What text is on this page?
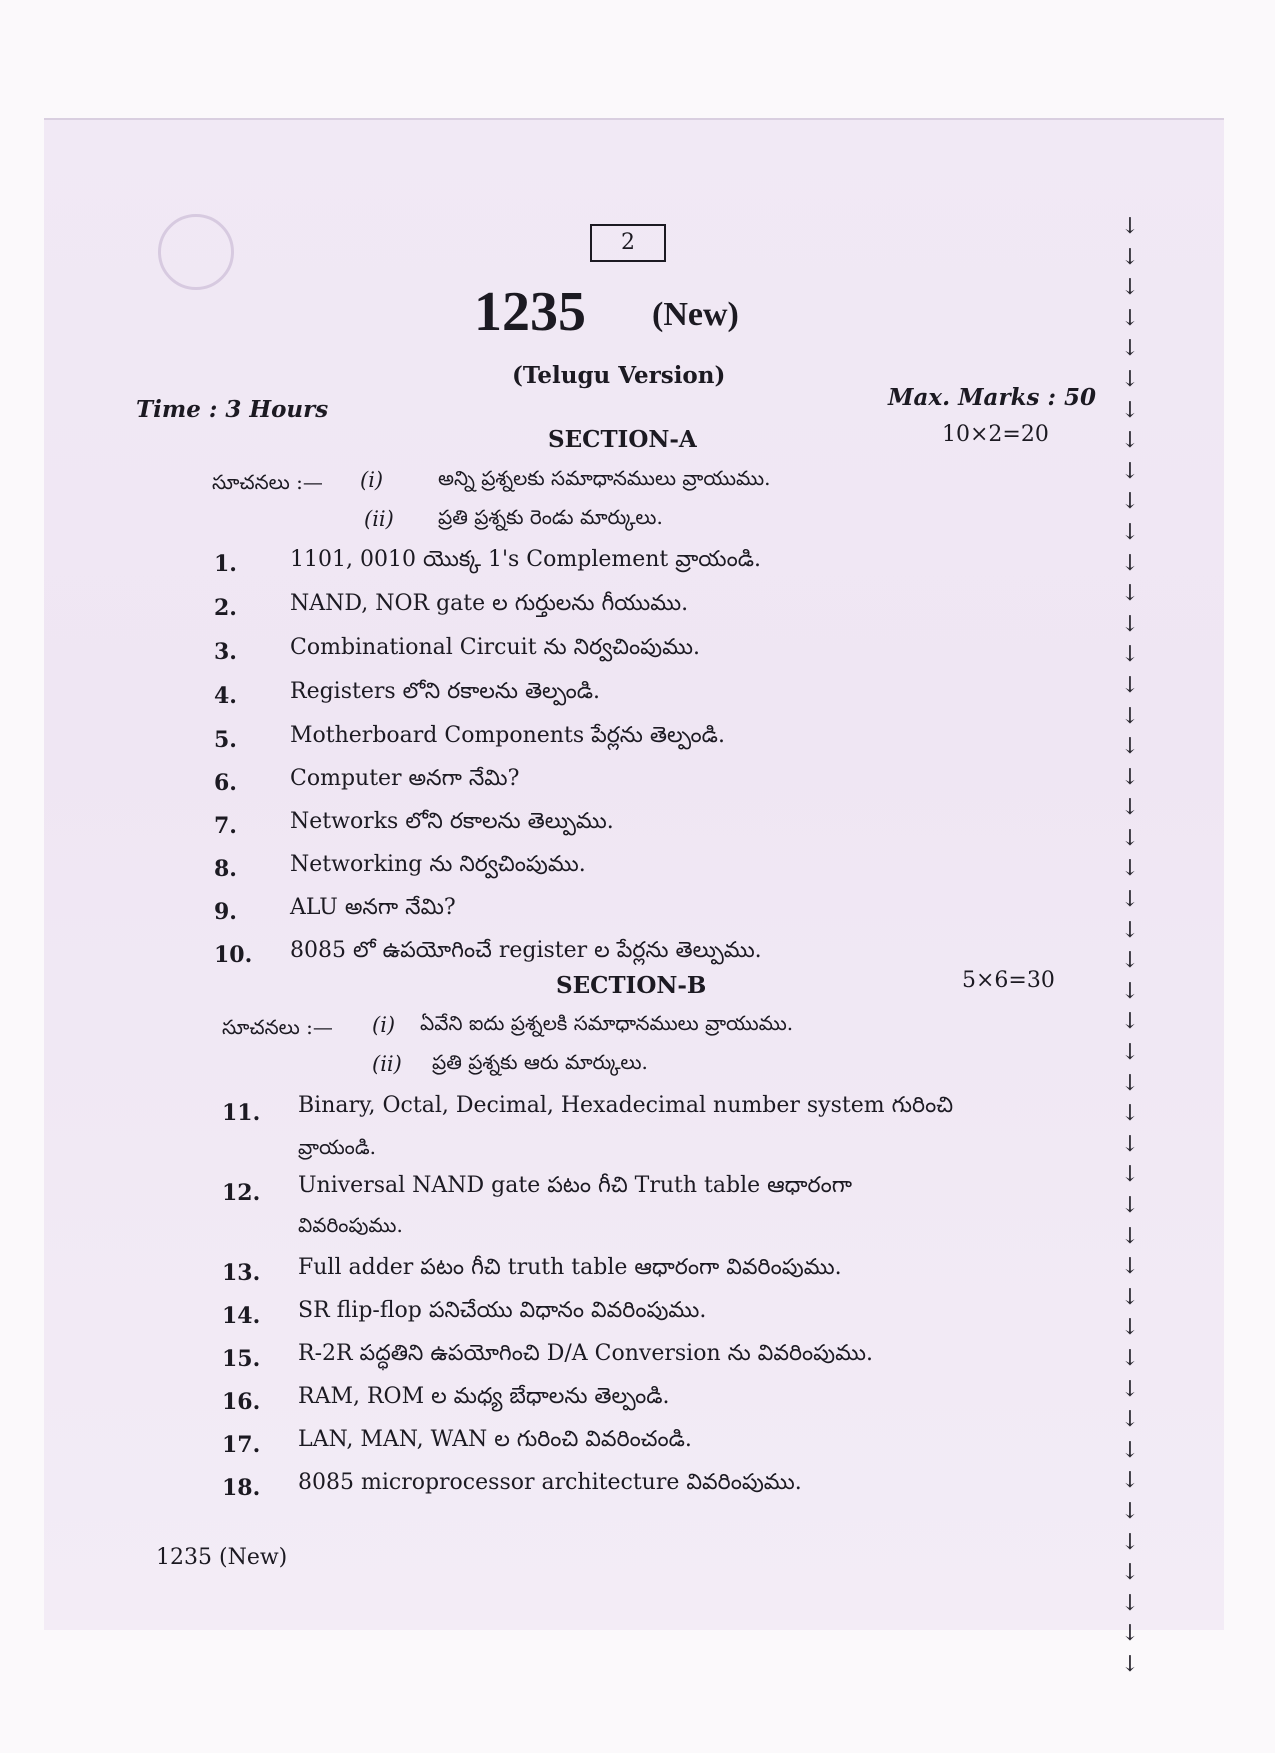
2
1235 (New)
(Telugu Version)
Time : 3 Hours	Max. Marks : 50
SECTION-A	10×2=20
సూచనలు :— (i)	అన్ని ప్రశ్నలకు సమాధానములు వ్రాయుము.
(ii) ప్రతి ప్రశ్నకు రెండు మార్కులు.
1. 1101, 0010 యొక్క 1's Complement వ్రాయండి.
2. NAND, NOR gate ల గుర్తులను గీయుము.
3. Combinational Circuit ను నిర్వచింపుము.
4. Registers లోని రకాలను తెల్పండి.
5. Motherboard Components పేర్లను తెల్పండి.
6. Computer అనగా నేమి?
7. Networks లోని రకాలను తెల్పుము.
8. Networking ను నిర్వచింపుము.
9. ALU అనగా నేమి?
10. 8085 లో ఉపయోగించే register ల పేర్లను తెల్పుము.
SECTION-B	5×6=30
సూచనలు :— (i) ఏవేని ఐదు ప్రశ్నలకి సమాధానములు వ్రాయుము.
(ii) ప్రతి ప్రశ్నకు ఆరు మార్కులు.
11. Binary, Octal, Decimal, Hexadecimal number system గురించి
వ్రాయండి.
12. Universal NAND gate పటం గీచి Truth table ఆధారంగా
వివరింపుము.
13. Full adder పటం గీచి truth table ఆధారంగా వివరింపుము.
14. SR flip-flop పనిచేయు విధానం వివరింపుము.
15. R-2R పద్ధతిని ఉపయోగించి D/A Conversion ను వివరింపుము.
16. RAM, ROM ల మధ్య బేధాలను తెల్పండి.
17. LAN, MAN, WAN ల గురించి వివరించండి.
18. 8085 microprocessor architecture వివరింపుము.
1235 (New)
↓
↓
↓
↓
↓
↓
↓
↓
↓
↓
↓
↓
↓
↓
↓
↓
↓
↓
↓
↓
↓
↓
↓
↓
↓
↓
↓
↓
↓
↓
↓
↓
↓
↓
↓
↓
↓
↓
↓
↓
↓
↓
↓
↓
↓
↓
↓
↓
